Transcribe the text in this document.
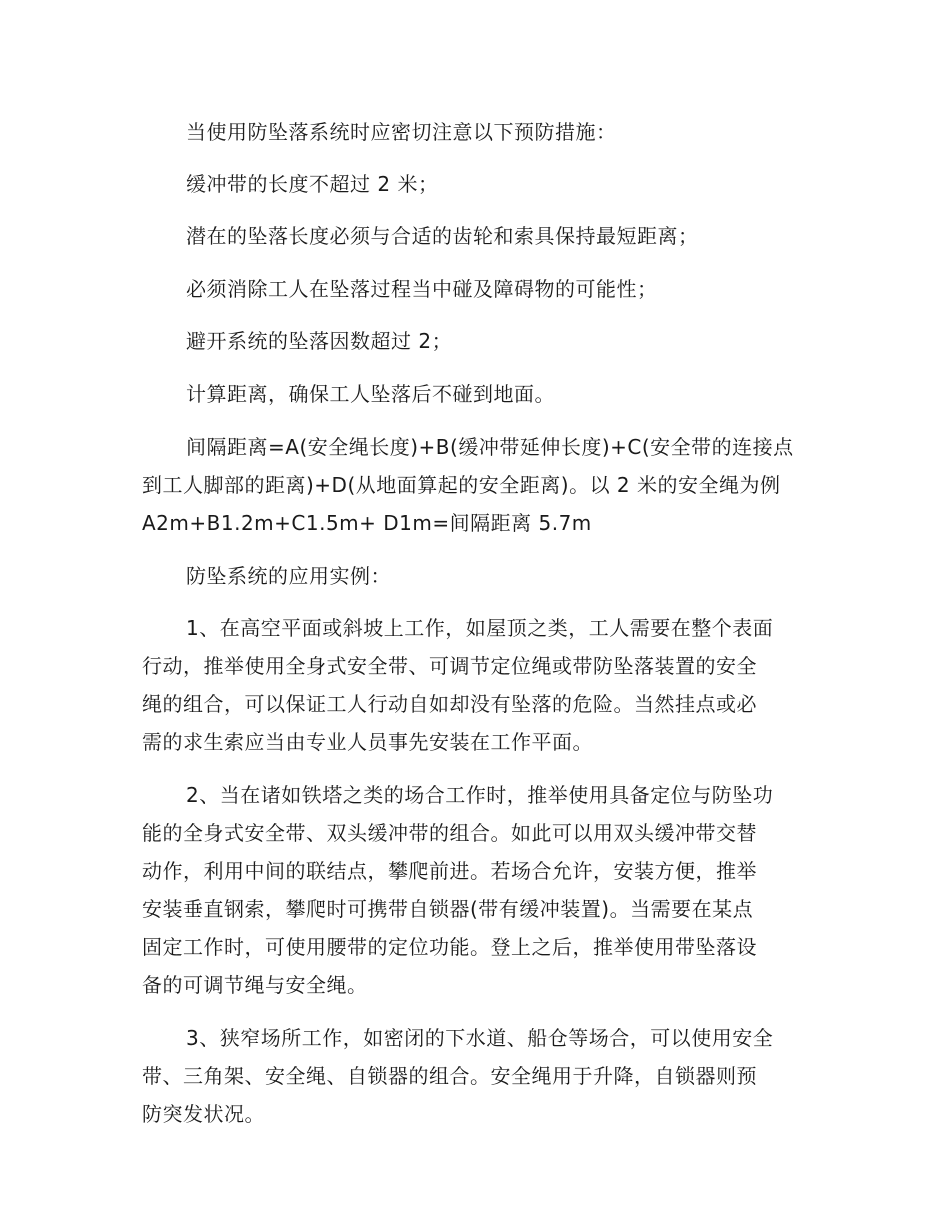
当使用防坠落系统时应密切注意以下预防措施：
缓冲带的长度不超过 2 米；
潜在的坠落长度必须与合适的齿轮和索具保持最短距离；
必须消除工人在坠落过程当中碰及障碍物的可能性；
避开系统的坠落因数超过 2；
计算距离，确保工人坠落后不碰到地面。
间隔距离=A(安全绳长度)+B(缓冲带延伸长度)+C(安全带的连接点
到工人脚部的距离)+D(从地面算起的安全距离)。以 2 米的安全绳为例
A2m+B1.2m+C1.5m+ D1m=间隔距离 5.7m
防坠系统的应用实例：
1、在高空平面或斜坡上工作，如屋顶之类，工人需要在整个表面
行动，推举使用全身式安全带、可调节定位绳或带防坠落装置的安全
绳的组合，可以保证工人行动自如却没有坠落的危险。当然挂点或必
需的求生索应当由专业人员事先安装在工作平面。
2、当在诸如铁塔之类的场合工作时，推举使用具备定位与防坠功
能的全身式安全带、双头缓冲带的组合。如此可以用双头缓冲带交替
动作，利用中间的联结点，攀爬前进。若场合允许，安装方便，推举
安装垂直钢索，攀爬时可携带自锁器(带有缓冲装置)。当需要在某点
固定工作时，可使用腰带的定位功能。登上之后，推举使用带坠落设
备的可调节绳与安全绳。
3、狭窄场所工作，如密闭的下水道、船仓等场合，可以使用安全
带、三角架、安全绳、自锁器的组合。安全绳用于升降，自锁器则预
防突发状况。
